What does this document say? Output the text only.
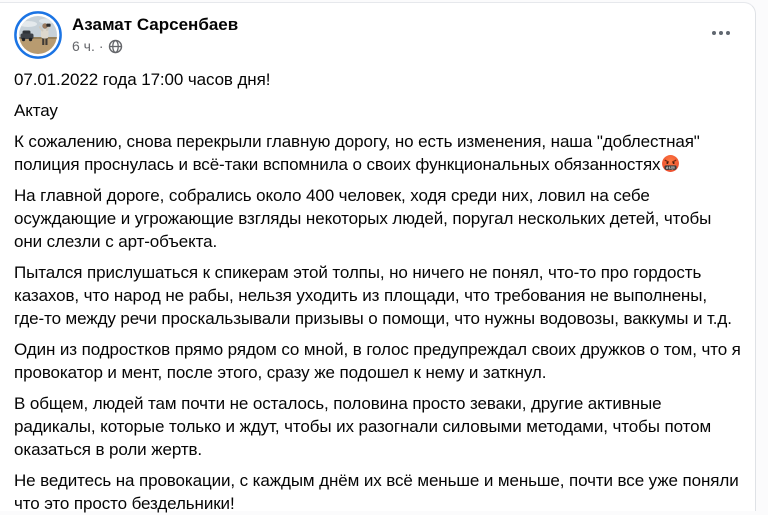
Азамат Сарсенбаев
6 ч. ·

07.01.2022 года 17:00 часов дня!

Актау

К сожалению, снова перекрыли главную дорогу, но есть изменения, наша "доблестная" полиция проснулась и всё-таки вспомнила о своих функциональных обязанностях #$@!

На главной дороге, собрались около 400 человек, ходя среди них, ловил на себе осуждающие и угрожающие взгляды некоторых людей, поругал нескольких детей, чтобы они слезли с арт-объекта.

Пытался прислушаться к спикерам этой толпы, но ничего не понял, что-то про гордость казахов, что народ не рабы, нельзя уходить из площади, что требования не выполнены, где-то между речи проскальзывали призывы о помощи, что нужны водовозы, ваккумы и т.д.

Один из подростков прямо рядом со мной, в голос предупреждал своих дружков о том, что я провокатор и мент, после этого, сразу же подошел к нему и заткнул.

В общем, людей там почти не осталось, половина просто зеваки, другие активные радикалы, которые только и ждут, чтобы их разогнали силовыми методами, чтобы потом оказаться в роли жертв.

Не ведитесь на провокации, с каждым днём их всё меньше и меньше, почти все уже поняли что это просто бездельники!
